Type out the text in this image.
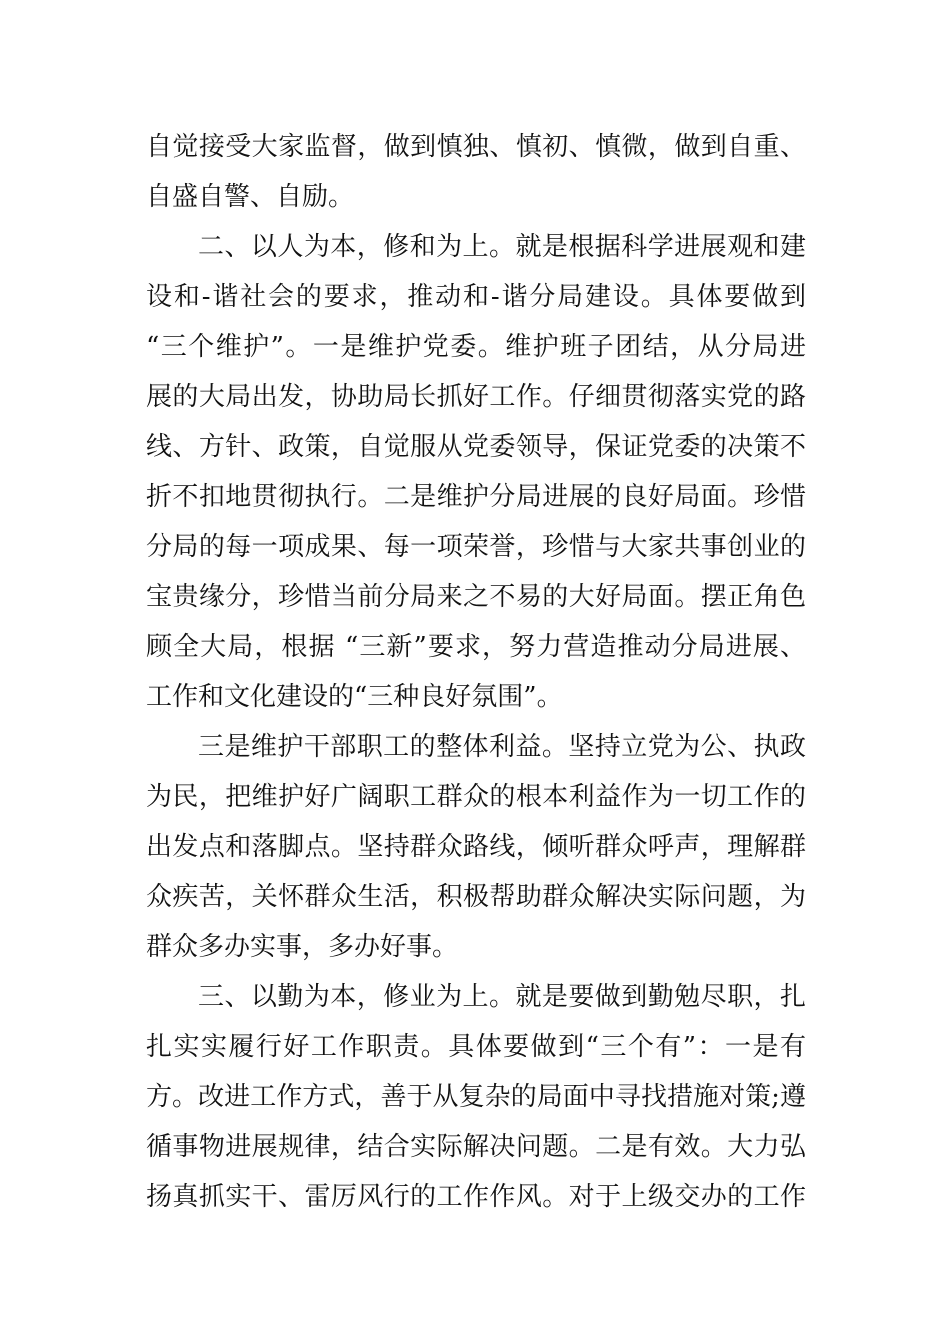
自觉接受大家监督，做到慎独、慎初、慎微，做到自重、
自盛自警、自励。
二、以人为本，修和为上。就是根据科学进展观和建
设和-谐社会的要求，推动和-谐分局建设。具体要做到
“三个维护”。一是维护党委。维护班子团结，从分局进
展的大局出发，协助局长抓好工作。仔细贯彻落实党的路
线、方针、政策，自觉服从党委领导，保证党委的决策不
折不扣地贯彻执行。二是维护分局进展的良好局面。珍惜
分局的每一项成果、每一项荣誉，珍惜与大家共事创业的
宝贵缘分，珍惜当前分局来之不易的大好局面。摆正角色
顾全大局，根据 “三新”要求，努力营造推动分局进展、
工作和文化建设的“三种良好氛围”。
三是维护干部职工的整体利益。坚持立党为公、执政
为民，把维护好广阔职工群众的根本利益作为一切工作的
出发点和落脚点。坚持群众路线，倾听群众呼声，理解群
众疾苦，关怀群众生活，积极帮助群众解决实际问题，为
群众多办实事，多办好事。
三、以勤为本，修业为上。就是要做到勤勉尽职，扎
扎实实履行好工作职责。具体要做到“三个有”：一是有
方。改进工作方式，善于从复杂的局面中寻找措施对策;遵
循事物进展规律，结合实际解决问题。二是有效。大力弘
扬真抓实干、雷厉风行的工作作风。对于上级交办的工作
